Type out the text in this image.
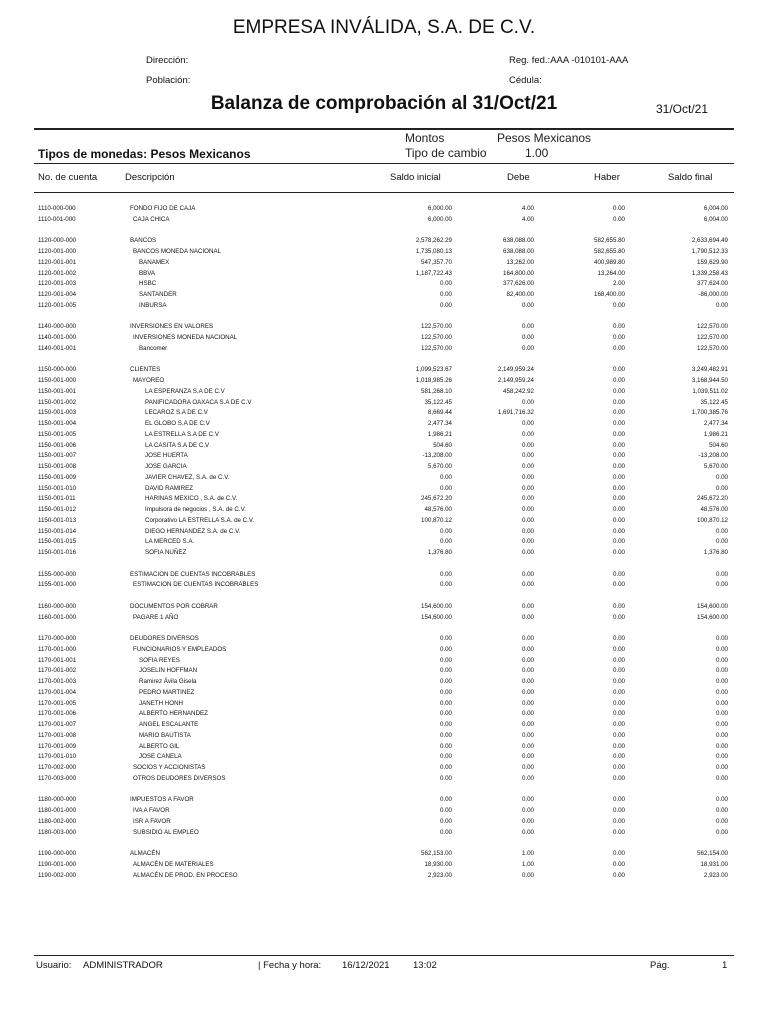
EMPRESA INVÁLIDA, S.A. DE C.V.
Dirección:
Población:
Reg. fed.:AAA -010101-AAA
Cédula:
Balanza de comprobación al 31/Oct/21	31/Oct/21
Montos	Pesos Mexicanos
Tipo de cambio	1.00
Tipos de monedas: Pesos Mexicanos
No. de cuenta	Descripción	Saldo inicial	Debe	Haber	Saldo final
1110-000-000	FONDO FIJO DE CAJA	6,000.00	4.00	0.00	6,004.00
1110-001-000	CAJA CHICA	6,000.00	4.00	0.00	6,004.00
1120-000-000	BANCOS	2,578,262.29	638,088.00	582,655.80	2,633,694.49
1120-001-000	BANCOS MONEDA NACIONAL	1,735,080.13	638,088.00	582,655.80	1,790,512.33
1120-001-001	BANAMEX	547,357.70	13,262.00	400,989.80	159,629.90
1120-001-002	BBVA	1,187,722.43	164,800.00	13,264.00	1,339,258.43
1120-001-003	HSBC	0.00	377,626.00	2.00	377,624.00
1120-001-004	SANTANDER	0.00	82,400.00	168,400.00	-86,000.00
1120-001-005	INBURSA	0.00	0.00	0.00	0.00
1140-000-000	INVERSIONES EN VALORES	122,570.00	0.00	0.00	122,570.00
1140-001-000	INVERSIONES MONEDA NACIONAL	122,570.00	0.00	0.00	122,570.00
1140-001-001	Bancomer	122,570.00	0.00	0.00	122,570.00
1150-000-000	CLIENTES	1,099,523.67	2,149,959.24	0.00	3,249,482.91
1150-001-000	MAYOREO	1,018,985.26	2,149,959.24	0.00	3,168,944.50
1150-001-001	LA ESPERANZA S.A DE C.V	581,268.10	458,242.92	0.00	1,039,511.02
1150-001-002	PANIFICADORA OAXACA S.A DE C.V	35,122.45	0.00	0.00	35,122.45
1150-001-003	LECAROZ S.A DE C.V	8,669.44	1,691,716.32	0.00	1,700,385.76
1150-001-004	EL GLOBO S.A DE C.V	2,477.34	0.00	0.00	2,477.34
1150-001-005	LA ESTRELLA S.A DE C.V	1,986.21	0.00	0.00	1,986.21
1150-001-006	LA CASITA S.A DE C.V	504.60	0.00	0.00	504.60
1150-001-007	JOSE HUERTA	-13,208.00	0.00	0.00	-13,208.00
1150-001-008	JOSE GARCIA	5,670.00	0.00	0.00	5,670.00
1150-001-009	JAVIER CHAVEZ, S.A. de C.V.	0.00	0.00	0.00	0.00
1150-001-010	DAVID RAMIREZ	0.00	0.00	0.00	0.00
1150-001-011	HARINAS MEXICO , S.A. de C.V.	245,672.20	0.00	0.00	245,672.20
1150-001-012	Impulsora de negocios , S.A. de C.V.	48,576.00	0.00	0.00	48,576.00
1150-001-013	Corporativo LA ESTRELLA S.A. de C.V.	100,870.12	0.00	0.00	100,870.12
1150-001-014	DIEGO HERNANDEZ S.A. de C.V.	0.00	0.00	0.00	0.00
1150-001-015	LA MERCED S.A.	0.00	0.00	0.00	0.00
1150-001-016	SOFIA NUÑEZ	1,376.80	0.00	0.00	1,376.80
1155-000-000	ESTIMACION DE CUENTAS INCOBRABLES	0.00	0.00	0.00	0.00
1155-001-000	ESTIMACION DE CUENTAS INCOBRABLES	0.00	0.00	0.00	0.00
1160-000-000	DOCUMENTOS POR COBRAR	154,600.00	0.00	0.00	154,600.00
1160-001-000	PAGARE 1 AÑO	154,600.00	0.00	0.00	154,600.00
1170-000-000	DEUDORES DIVERSOS	0.00	0.00	0.00	0.00
1170-001-000	FUNCIONARIOS Y EMPLEADOS	0.00	0.00	0.00	0.00
1170-001-001	SOFIA REYES	0.00	0.00	0.00	0.00
1170-001-002	JOSELIN HOFFMAN	0.00	0.00	0.00	0.00
1170-001-003	Ramirez Ávila Gisela	0.00	0.00	0.00	0.00
1170-001-004	PEDRO MARTINEZ	0.00	0.00	0.00	0.00
1170-001-005	JANETH HONH	0.00	0.00	0.00	0.00
1170-001-006	ALBERTO HERNANDEZ	0.00	0.00	0.00	0.00
1170-001-007	ANGEL ESCALANTE	0.00	0.00	0.00	0.00
1170-001-008	MARIO BAUTISTA	0.00	0.00	0.00	0.00
1170-001-009	ALBERTO GIL	0.00	0.00	0.00	0.00
1170-001-010	JOSE CANELA	0.00	0.00	0.00	0.00
1170-002-000	SOCIOS Y ACCIONISTAS	0.00	0.00	0.00	0.00
1170-003-000	OTROS DEUDORES DIVERSOS	0.00	0.00	0.00	0.00
1180-000-000	IMPUESTOS A FAVOR	0.00	0.00	0.00	0.00
1180-001-000	IVA A FAVOR	0.00	0.00	0.00	0.00
1180-002-000	ISR A FAVOR	0.00	0.00	0.00	0.00
1180-003-000	SUBSIDIO AL EMPLEO	0.00	0.00	0.00	0.00
1190-000-000	ALMACÉN	562,153.00	1.00	0.00	562,154.00
1190-001-000	ALMACÉN DE MATERIALES	18,930.00	1.00	0.00	18,931.00
1190-002-000	ALMACÉN DE PROD. EN PROCESO	2,923.00	0.00	0.00	2,923.00
Usuario: ADMINISTRADOR	| Fecha y hora: 16/12/2021 13:02	Pág.	1
